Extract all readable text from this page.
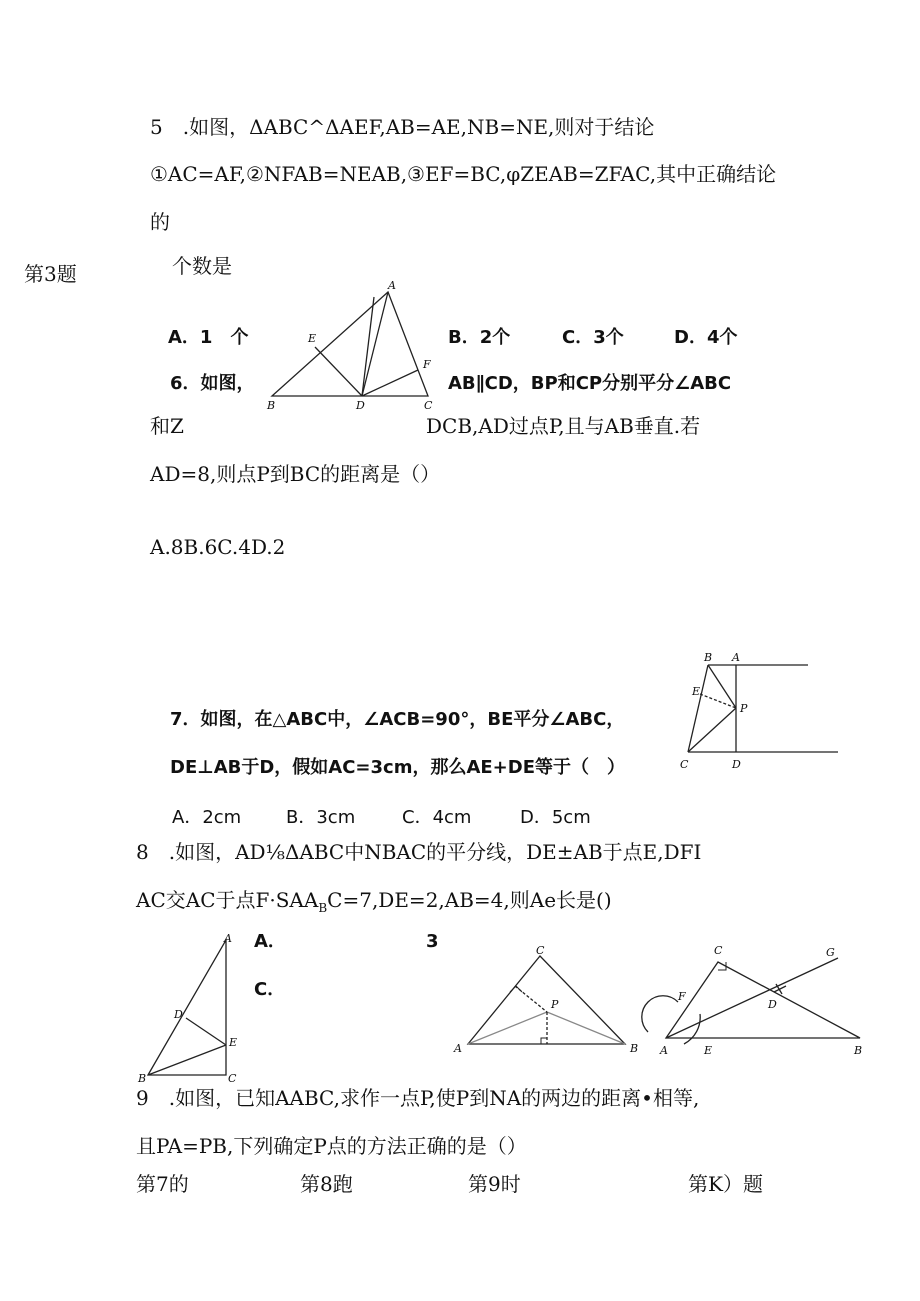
5　.如图，ΔABC^ΔAEF,AB=AE,NB=NE,则对于结论
①AC=AF,②NFAB=NEAB,③EF=BC,φZEAB=ZFAC,其中正确结论
的
第3题	个数是
A．1　个	B．2个	C．3个	D．4个
A
E
F
B	D	C
6．如图，	AB∥CD，BP和CP分别平分∠ABC
和Z	DCB,AD过点P,且与AB垂直.若
AD=8,则点P到BC的距离是（）
A.8B.6C.4D.2
B A
E
P
C	D
7．如图，在△ABC中，∠ACB=90°，BE平分∠ABC，
DE⊥AB于D，假如AC=3cm，那么AE+DE等于（　）
A．2cm B．3cm	C．4cm	D．5cm
8　.如图，AD⅛ΔABC中NBAC的平分线，DE±AB于点E,DFI
AC交AC于点$F\cdot SAA_BC=7,DE=2,AB=4$,则Ae长是()
A．	3
C．
A
D
E
B	C
C
P
A	B
C	G
F
D
A	E	B
9　.如图，已知AABC,求作一点P,使P到NA的两边的距离•相等,
且PA=PB,下列确定P点的方法正确的是（）
第7的	第8跑	第9时	第K）题
